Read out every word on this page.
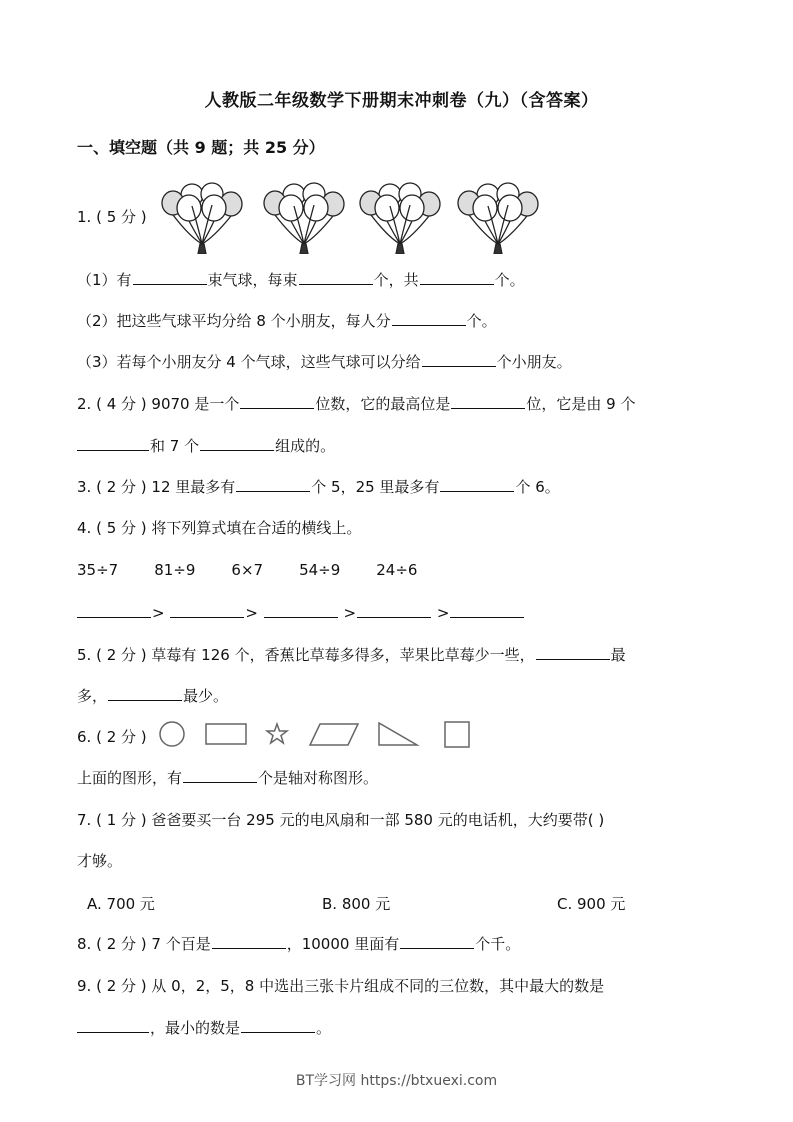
人教版二年级数学下册期末冲刺卷（九）（含答案）
一、填空题（共 9 题；共 25 分）
1. ( 5 分 )
（1）有	束气球，每束	个，共	个。
（2）把这些气球平均分给 8 个小朋友，每人分	个。
（3）若每个小朋友分 4 个气球，这些气球可以分给	个小朋友。
2. ( 4 分 ) 9070 是一个	位数，它的最高位是	位，它是由 9 个
和 7 个	组成的。
3. ( 2 分 ) 12 里最多有	个 5，25 里最多有	个 6。
4. ( 5 分 ) 将下列算式填在合适的横线上。
35÷7 81÷9 6×7 54÷9 24÷6
>	>	>	>
5. ( 2 分 ) 草莓有 126 个，香蕉比草莓多得多，苹果比草莓少一些，	最
多，	最少。
6. ( 2 分 )
上面的图形，有	个是轴对称图形。
7. ( 1 分 ) 爸爸要买一台 295 元的电风扇和一部 580 元的电话机，大约要带( )
才够。
A. 700 元	B. 800 元	C. 900 元
8. ( 2 分 ) 7 个百是	，10000 里面有	个千。
9. ( 2 分 ) 从 0，2，5，8 中选出三张卡片组成不同的三位数，其中最大的数是
，最小的数是	。
BT学习网 https://btxuexi.com
